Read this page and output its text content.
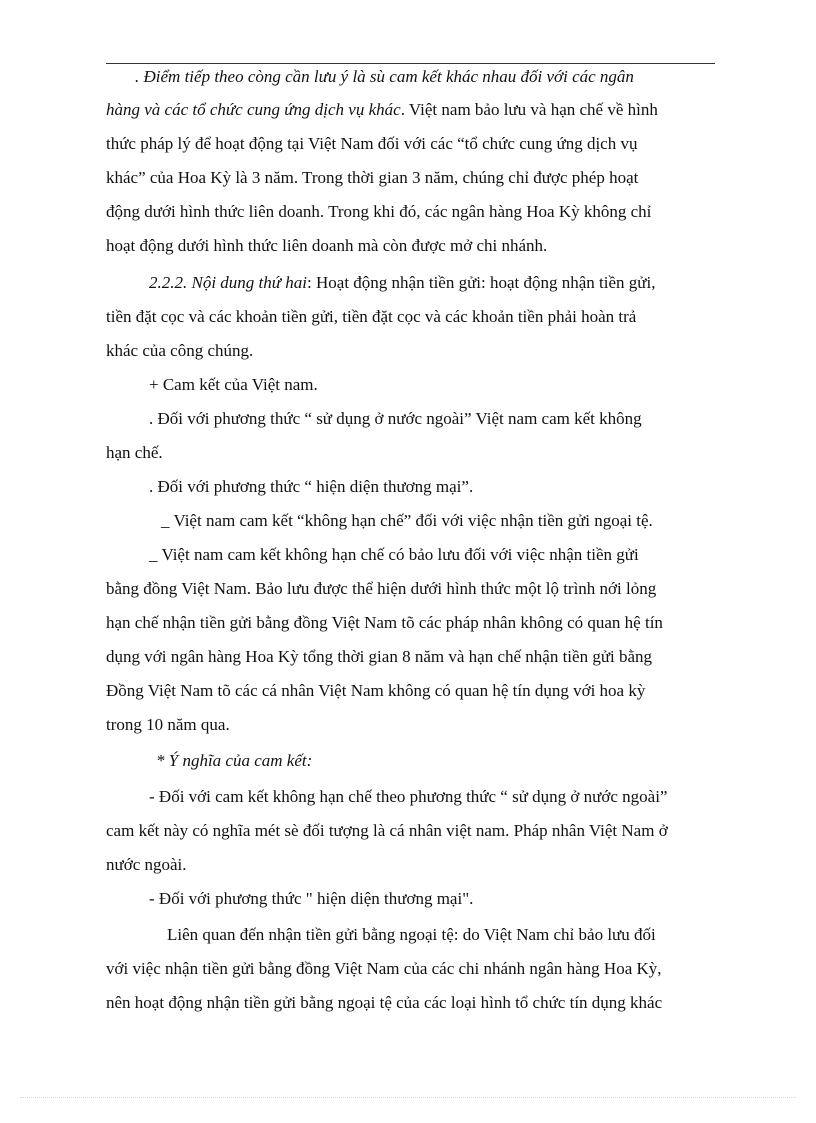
. Điểm tiếp theo còng cần lưu ý là sù cam kết khác nhau đối với các ngân
hàng và các tổ chức cung ứng dịch vụ khác. Việt nam bảo lưu và hạn chế về hình
thức pháp lý để hoạt động tại Việt Nam đối với các “tổ chức cung ứng dịch vụ
khác” của Hoa Kỳ là 3 năm. Trong thời gian 3 năm, chúng chỉ được phép hoạt
động dưới hình thức liên doanh. Trong khi đó, các ngân hàng Hoa Kỳ không chỉ
hoạt động dưới hình thức liên doanh mà còn được mở chi nhánh.
2.2.2. Nội dung thứ hai: Hoạt động nhận tiền gửi: hoạt động nhận tiền gửi,
tiền đặt cọc và các khoản tiền gửi, tiền đặt cọc và các khoản tiền phải hoàn trả
khác của công chúng.
+ Cam kết của Việt nam.
. Đối với phương thức “ sử dụng ở nước ngoài” Việt nam cam kết không
hạn chế.
. Đối với phương thức “ hiện diện thương mại”.
_ Việt nam cam kết “không hạn chế” đối với việc nhận tiền gửi ngoại tệ.
_ Việt nam cam kết không hạn chế có bảo lưu đối với việc nhận tiền gửi
bằng đồng Việt Nam. Bảo lưu được thể hiện dưới hình thức một lộ trình nới lỏng
hạn chế nhận tiền gửi bằng đồng Việt Nam tõ các pháp nhân không có quan hệ tín
dụng với ngân hàng Hoa Kỳ tổng thời gian 8 năm và hạn chế nhận tiền gửi bằng
Đồng Việt Nam tõ các cá nhân Việt Nam không có quan hệ tín dụng với hoa kỳ
trong 10 năm qua.
* Ý nghĩa của cam kết:
- Đối với cam kết không hạn chế theo phương thức “ sử dụng ở nước ngoài”
cam kết này có nghĩa mét sè đối tượng là cá nhân việt nam. Pháp nhân Việt Nam ở
nước ngoài.
- Đối với phương thức " hiện diện thương mại".
Liên quan đến nhận tiền gửi bằng ngoại tệ: do Việt Nam chỉ bảo lưu đối
với việc nhận tiền gửi bằng đồng Việt Nam của các chi nhánh ngân hàng Hoa Kỳ,
nên hoạt động nhận tiền gửi bằng ngoại tệ của các loại hình tổ chức tín dụng khác
